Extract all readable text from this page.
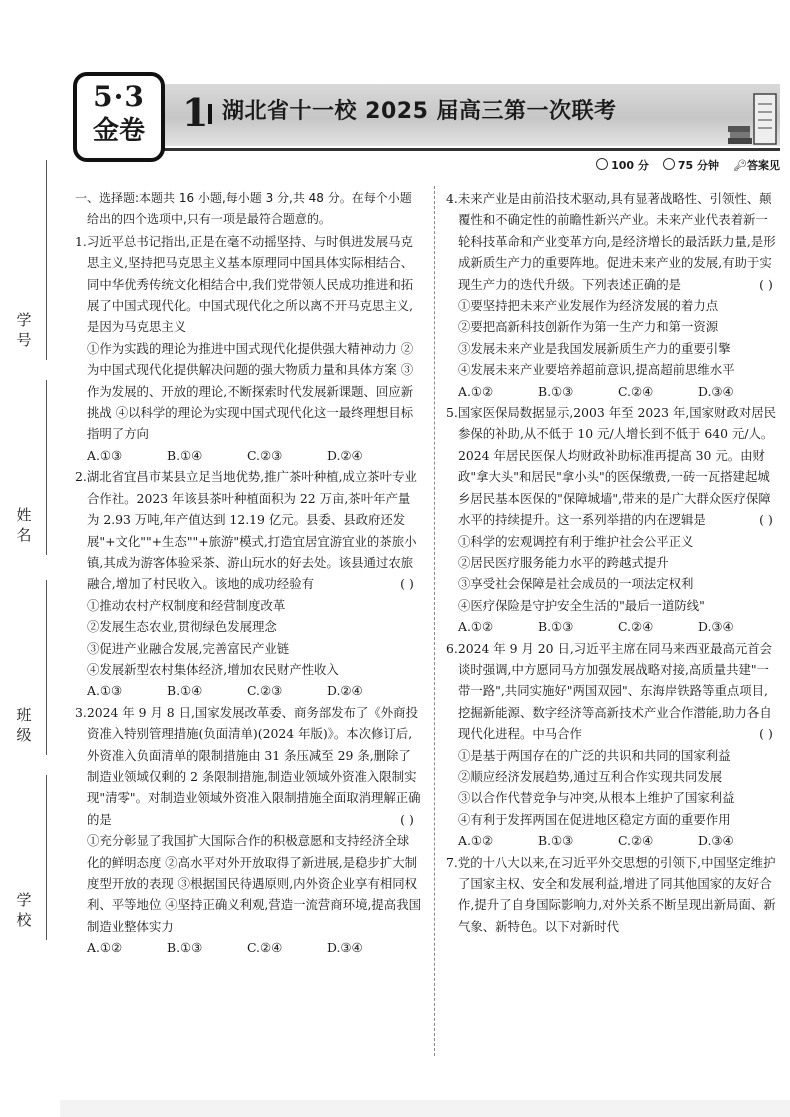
学号
姓名
班级
学校
5·3
金卷 1 湖北省十一校 2025 届高三第一次联考
100 分	75 分钟 🔑︎答案见

一、选择题:本题共 16 小题,每小题 3 分,共 48 分。在每个小题给出的四个选项中,只有一项是最符合题意的。

1.习近平总书记指出,正是在毫不动摇坚持、与时俱进发展马克思主义,坚持把马克思主义基本原理同中国具体实际相结合、同中华优秀传统文化相结合中,我们党带领人民成功推进和拓展了中国式现代化。中国式现代化之所以离不开马克思主义,是因为马克思主义

①作为实践的理论为推进中国式现代化提供强大精神动力 ②为中国式现代化提供解决问题的强大物质力量和具体方案 ③作为发展的、开放的理论,不断探索时代发展新课题、回应新挑战 ④以科学的理论为实现中国式现代化这一最终理想目标指明了方向

A.①③	B.①④	C.②③	D.②④

2.湖北省宜昌市某县立足当地优势,推广茶叶种植,成立茶叶专业合作社。2023 年该县茶叶种植面积为 22 万亩,茶叶年产量为 2.93 万吨,年产值达到 12.19 亿元。县委、县政府还发展"+文化""+生态""+旅游"模式,打造宜居宜游宜业的茶旅小镇,其成为游客体验采茶、游山玩水的好去处。该县通过农旅融合,增加了村民收入。该地的成功经验有	( )

①推动农村产权制度和经营制度改革

②发展生态农业,贯彻绿色发展理念

③促进产业融合发展,完善富民产业链

④发展新型农村集体经济,增加农民财产性收入

A.①③	B.①④	C.②③	D.②④

3.2024 年 9 月 8 日,国家发展改革委、商务部发布了《外商投资准入特别管理措施(负面清单)(2024 年版)》。本次修订后,外资准入负面清单的限制措施由 31 条压减至 29 条,删除了制造业领域仅剩的 2 条限制措施,制造业领域外资准入限制实现"清零"。对制造业领域外资准入限制措施全面取消理解正确的是	( )

①充分彰显了我国扩大国际合作的积极意愿和支持经济全球化的鲜明态度 ②高水平对外开放取得了新进展,是稳步扩大制度型开放的表现 ③根据国民待遇原则,内外资企业享有相同权利、平等地位 ④坚持正确义利观,营造一流营商环境,提高我国制造业整体实力

A.①②	B.①③	C.②④	D.③④

4.未来产业是由前沿技术驱动,具有显著战略性、引领性、颠覆性和不确定性的前瞻性新兴产业。未来产业代表着新一轮科技革命和产业变革方向,是经济增长的最活跃力量,是形成新质生产力的重要阵地。促进未来产业的发展,有助于实现生产力的迭代升级。下列表述正确的是	( )

①要坚持把未来产业发展作为经济发展的着力点

②要把高新科技创新作为第一生产力和第一资源

③发展未来产业是我国发展新质生产力的重要引擎

④发展未来产业要培养超前意识,提高超前思维水平

A.①②	B.①③	C.②④	D.③④

5.国家医保局数据显示,2003 年至 2023 年,国家财政对居民参保的补助,从不低于 10 元/人增长到不低于 640 元/人。2024 年居民医保人均财政补助标准再提高 30 元。由财政"拿大头"和居民"拿小头"的医保缴费,一砖一瓦搭建起城乡居民基本医保的"保障城墙",带来的是广大群众医疗保障水平的持续提升。这一系列举措的内在逻辑是	( )

①科学的宏观调控有利于维护社会公平正义

②居民医疗服务能力水平的跨越式提升

③享受社会保障是社会成员的一项法定权利

④医疗保险是守护安全生活的"最后一道防线"

A.①②	B.①③	C.②④	D.③④

6.2024 年 9 月 20 日,习近平主席在同马来西亚最高元首会谈时强调,中方愿同马方加强发展战略对接,高质量共建"一带一路",共同实施好"两国双园"、东海岸铁路等重点项目,挖掘新能源、数字经济等高新技术产业合作潜能,助力各自现代化进程。中马合作	( )

①是基于两国存在的广泛的共识和共同的国家利益

②顺应经济发展趋势,通过互利合作实现共同发展

③以合作代替竞争与冲突,从根本上维护了国家利益

④有利于发挥两国在促进地区稳定方面的重要作用

A.①②	B.①③	C.②④	D.③④

7.党的十八大以来,在习近平外交思想的引领下,中国坚定维护了国家主权、安全和发展利益,增进了同其他国家的友好合作,提升了自身国际影响力,对外关系不断呈现出新局面、新气象、新特色。以下对新时代
